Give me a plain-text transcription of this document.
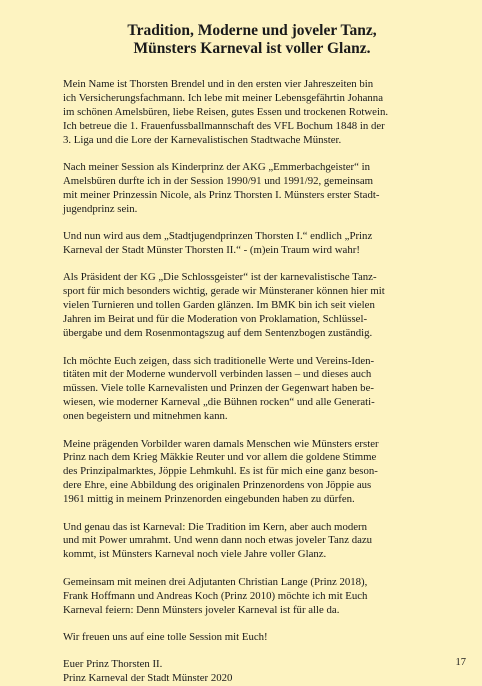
Tradition, Moderne und joveler Tanz,
Münsters Karneval ist voller Glanz.
Mein Name ist Thorsten Brendel und in den ersten vier Jahreszeiten bin
ich Versicherungsfachmann. Ich lebe mit meiner Lebensgefährtin Johanna
im schönen Amelsbüren, liebe Reisen, gutes Essen und trockenen Rotwein.
Ich betreue die 1. Frauenfussballmannschaft des VFL Bochum 1848 in der
3. Liga und die Lore der Karnevalistischen Stadtwache Münster.
Nach meiner Session als Kinderprinz der AKG „Emmerbachgeister“ in
Amelsbüren durfte ich in der Session 1990/91 und 1991/92, gemeinsam
mit meiner Prinzessin Nicole, als Prinz Thorsten I. Münsters erster Stadt-
jugendprinz sein.
Und nun wird aus dem „Stadtjugendprinzen Thorsten I.“ endlich „Prinz
Karneval der Stadt Münster Thorsten II.“ - (m)ein Traum wird wahr!
Als Präsident der KG „Die Schlossgeister“ ist der karnevalistische Tanz-
sport für mich besonders wichtig, gerade wir Münsteraner können hier mit
vielen Turnieren und tollen Garden glänzen. Im BMK bin ich seit vielen
Jahren im Beirat und für die Moderation von Proklamation, Schlüssel-
übergabe und dem Rosenmontagszug auf dem Sentenzbogen zuständig.
Ich möchte Euch zeigen, dass sich traditionelle Werte und Vereins-Iden-
titäten mit der Moderne wundervoll verbinden lassen – und dieses auch
müssen. Viele tolle Karnevalisten und Prinzen der Gegenwart haben be-
wiesen, wie moderner Karneval „die Bühnen rocken“ und alle Generati-
onen begeistern und mitnehmen kann.
Meine prägenden Vorbilder waren damals Menschen wie Münsters erster
Prinz nach dem Krieg Mäkkie Reuter und vor allem die goldene Stimme
des Prinzipalmarktes, Jöppie Lehmkuhl. Es ist für mich eine ganz beson-
dere Ehre, eine Abbildung des originalen Prinzenordens von Jöppie aus
1961 mittig in meinem Prinzenorden eingebunden haben zu dürfen.
Und genau das ist Karneval: Die Tradition im Kern, aber auch modern
und mit Power umrahmt. Und wenn dann noch etwas joveler Tanz dazu
kommt, ist Münsters Karneval noch viele Jahre voller Glanz.
Gemeinsam mit meinen drei Adjutanten Christian Lange (Prinz 2018),
Frank Hoffmann und Andreas Koch (Prinz 2010) möchte ich mit Euch
Karneval feiern: Denn Münsters joveler Karneval ist für alle da.
Wir freuen uns auf eine tolle Session mit Euch!
Euer Prinz Thorsten II.
Prinz Karneval der Stadt Münster 2020
17
